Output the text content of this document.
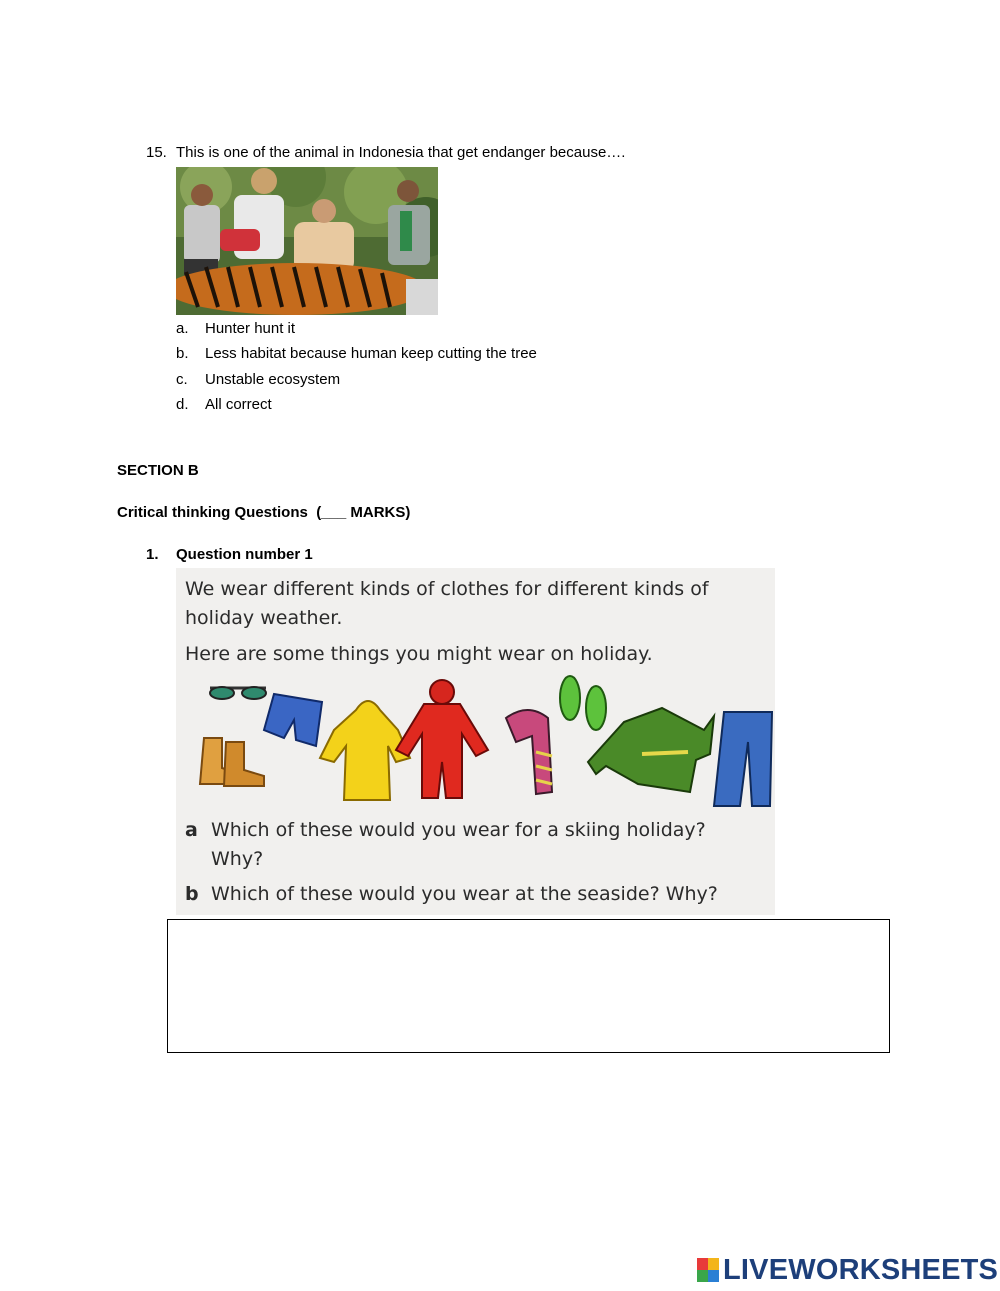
15. This is one of the animal in Indonesia that get endanger because….
a. Hunter hunt it
b. Less habitat because human keep cutting the tree
c. Unstable ecosystem
d. All correct
SECTION B
Critical thinking Questions  (___ MARKS)
1. Question number 1
We wear different kinds of clothes for different kinds of
holiday weather.
Here are some things you might wear on holiday.
a Which of these would you wear for a skiing holiday?
Why?
b Which of these would you wear at the seaside? Why?
LIVEWORKSHEETS
